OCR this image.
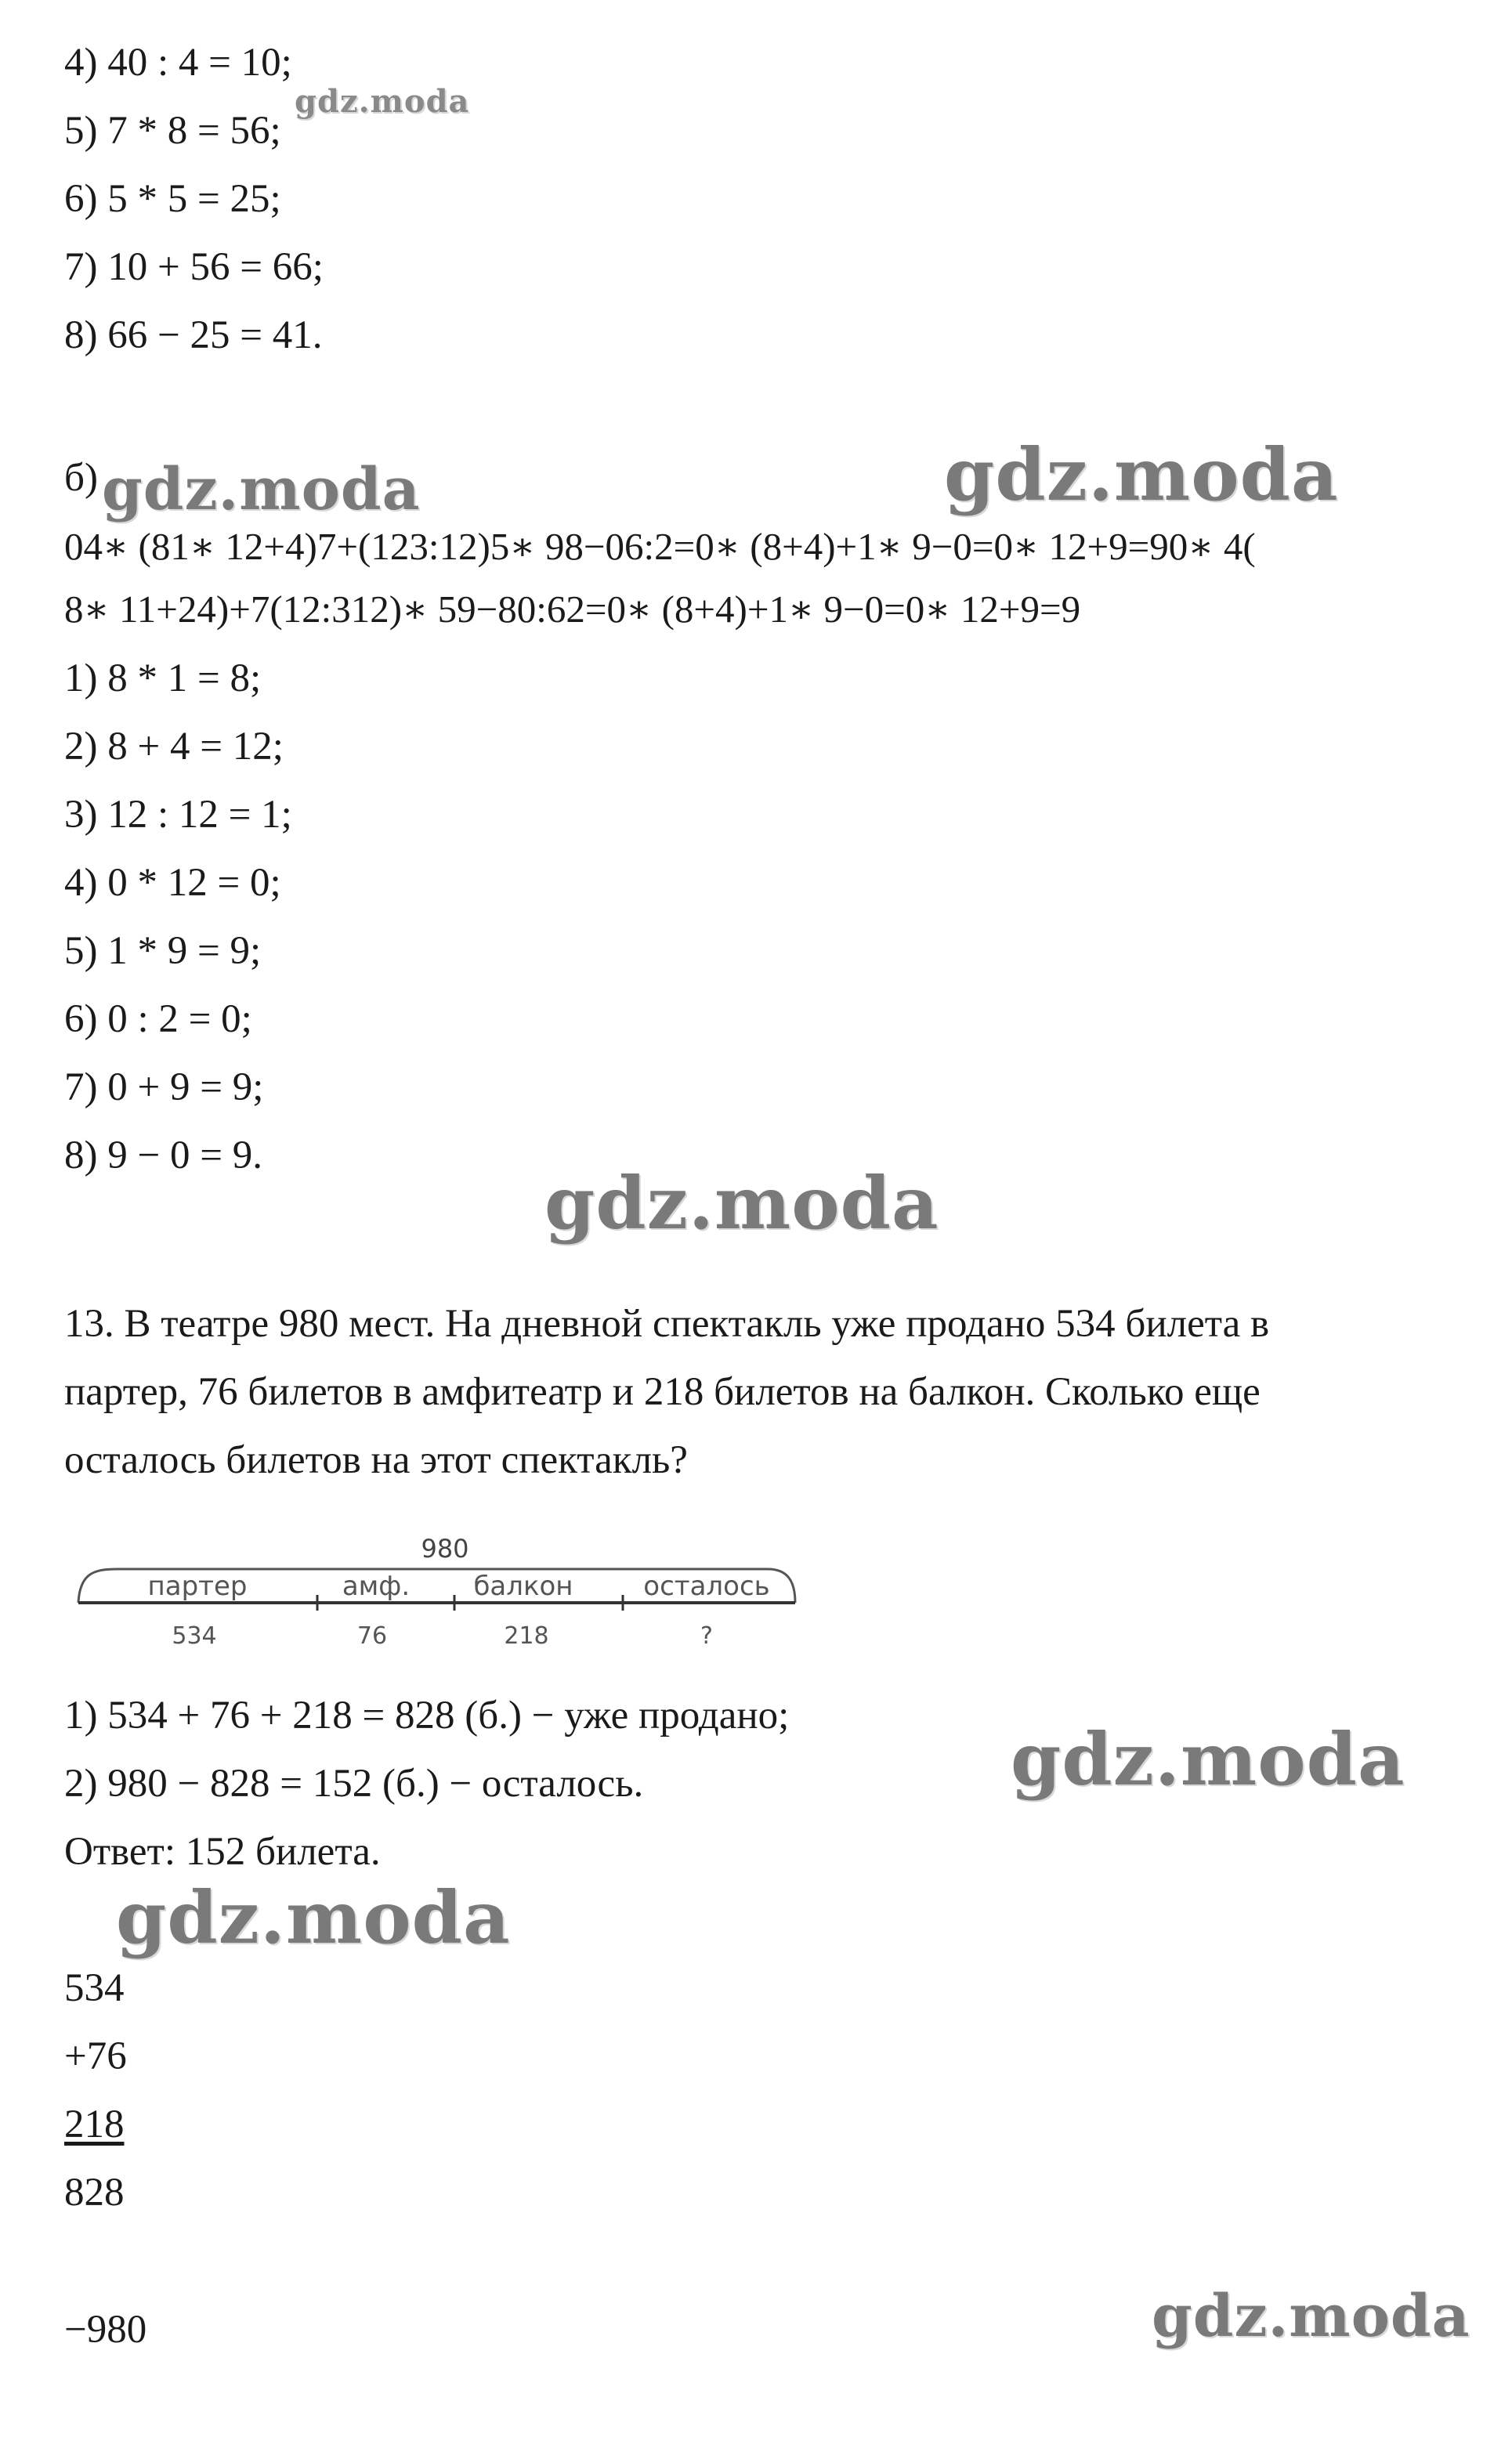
4) 40 : 4 = 10;
5) 7 * 8 = 56;
6) 5 * 5 = 25;
7) 10 + 56 = 66;
8) 66 − 25 = 41.
б)
04∗ (81∗ 12+4)7+(123:12)5∗ 98−06:2=0∗ (8+4)+1∗ 9−0=0∗ 12+9=90∗ 4(
8∗ 11+24)+7(12:312)∗ 59−80:62=0∗ (8+4)+1∗ 9−0=0∗ 12+9=9
1) 8 * 1 = 8;
2) 8 + 4 = 12;
3) 12 : 12 = 1;
4) 0 * 12 = 0;
5) 1 * 9 = 9;
6) 0 : 2 = 0;
7) 0 + 9 = 9;
8) 9 − 0 = 9.
13. В театре 980 мест. На дневной спектакль уже продано 534 билета в
партер, 76 билетов в амфитеатр и 218 билетов на балкон. Сколько еще
осталось билетов на этот спектакль?
980
партер	амф. балкон	осталось
534	76	218	?
1) 534 + 76 + 218 = 828 (б.) − уже продано;
2) 980 − 828 = 152 (б.) − осталось.
Ответ: 152 билета.
534
+76
218
828
−980
gdz.moda
gdz.moda	gdz.moda
gdz.moda
gdz.moda
gdz.moda
gdz.moda
